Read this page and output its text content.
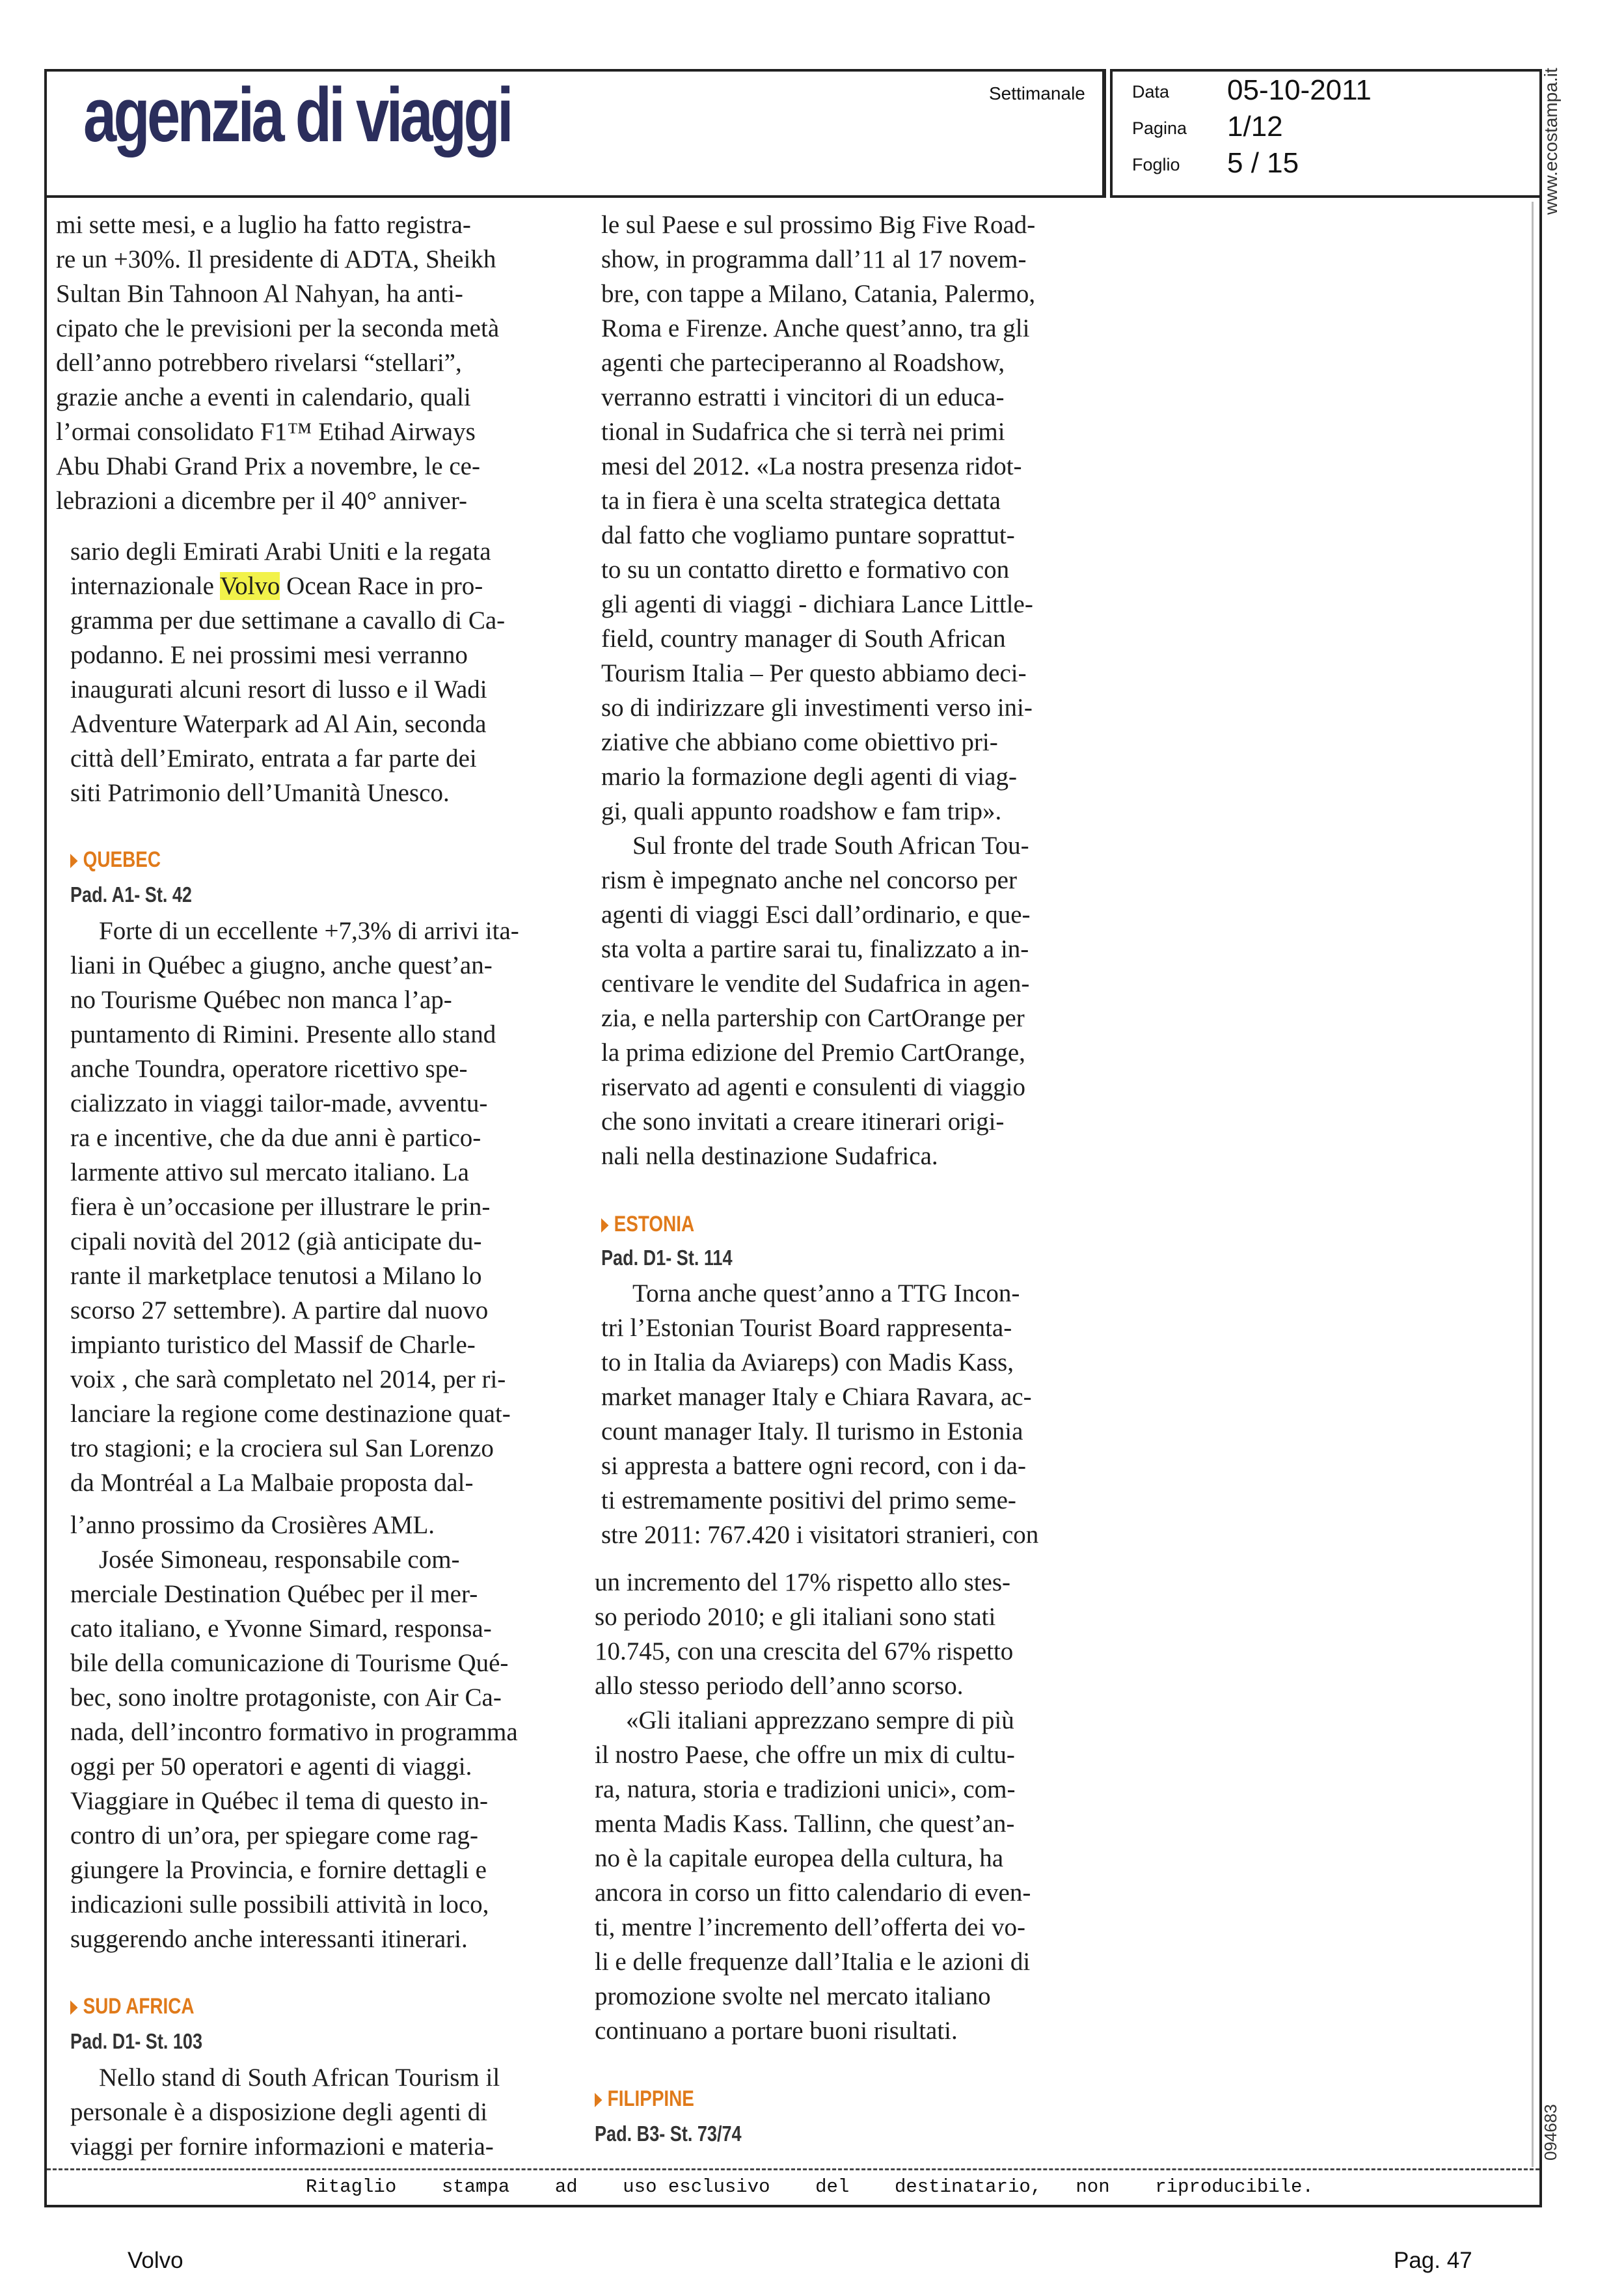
agenzia di viaggi	Settimanale	Data 05-10-2011
Pagina 1/12
Foglio 5 / 15	www.ecostampa.it
094683
mi sette mesi, e a luglio ha fatto registra-
re un +30%. Il presidente di ADTA, Sheikh
Sultan Bin Tahnoon Al Nahyan, ha anti-
cipato che le previsioni per la seconda metà
dell’anno potrebbero rivelarsi “stellari”,
grazie anche a eventi in calendario, quali
l’ormai consolidato F1™ Etihad Airways
Abu Dhabi Grand Prix a novembre, le ce-
lebrazioni a dicembre per il 40° anniver-
sario degli Emirati Arabi Uniti e la regata
internazionale Volvo Ocean Race in pro-
gramma per due settimane a cavallo di Ca-
podanno. E nei prossimi mesi verranno
inaugurati alcuni resort di lusso e il Wadi
Adventure Waterpark ad Al Ain, seconda
città dell’Emirato, entrata a far parte dei
siti Patrimonio dell’Umanità Unesco.
QUEBEC
Pad. A1- St. 42
Forte di un eccellente +7,3% di arrivi ita-
liani in Québec a giugno, anche quest’an-
no Tourisme Québec non manca l’ap-
puntamento di Rimini. Presente allo stand
anche Toundra, operatore ricettivo spe-
cializzato in viaggi tailor-made, avventu-
ra e incentive, che da due anni è partico-
larmente attivo sul mercato italiano. La
fiera è un’occasione per illustrare le prin-
cipali novità del 2012 (già anticipate du-
rante il marketplace tenutosi a Milano lo
scorso 27 settembre). A partire dal nuovo
impianto turistico del Massif de Charle-
voix , che sarà completato nel 2014, per ri-
lanciare la regione come destinazione quat-
tro stagioni; e la crociera sul San Lorenzo
da Montréal a La Malbaie proposta dal-
l’anno prossimo da Crosières AML.
Josée Simoneau, responsabile com-
merciale Destination Québec per il mer-
cato italiano, e Yvonne Simard, responsa-
bile della comunicazione di Tourisme Qué-
bec, sono inoltre protagoniste, con Air Ca-
nada, dell’incontro formativo in programma
oggi per 50 operatori e agenti di viaggi.
Viaggiare in Québec il tema di questo in-
contro di un’ora, per spiegare come rag-
giungere la Provincia, e fornire dettagli e
indicazioni sulle possibili attività in loco,
suggerendo anche interessanti itinerari.
SUD AFRICA
Pad. D1- St. 103
Nello stand di South African Tourism il
personale è a disposizione degli agenti di
viaggi per fornire informazioni e materia-
le sul Paese e sul prossimo Big Five Road-
show, in programma dall’11 al 17 novem-
bre, con tappe a Milano, Catania, Palermo,
Roma e Firenze. Anche quest’anno, tra gli
agenti che parteciperanno al Roadshow,
verranno estratti i vincitori di un educa-
tional in Sudafrica che si terrà nei primi
mesi del 2012. «La nostra presenza ridot-
ta in fiera è una scelta strategica dettata
dal fatto che vogliamo puntare soprattut-
to su un contatto diretto e formativo con
gli agenti di viaggi - dichiara Lance Little-
field, country manager di South African
Tourism Italia – Per questo abbiamo deci-
so di indirizzare gli investimenti verso ini-
ziative che abbiano come obiettivo pri-
mario la formazione degli agenti di viag-
gi, quali appunto roadshow e fam trip».
Sul fronte del trade South African Tou-
rism è impegnato anche nel concorso per
agenti di viaggi Esci dall’ordinario, e que-
sta volta a partire sarai tu, finalizzato a in-
centivare le vendite del Sudafrica in agen-
zia, e nella partership con CartOrange per
la prima edizione del Premio CartOrange,
riservato ad agenti e consulenti di viaggio
che sono invitati a creare itinerari origi-
nali nella destinazione Sudafrica.
ESTONIA
Pad. D1- St. 114
Torna anche quest’anno a TTG Incon-
tri l’Estonian Tourist Board rappresenta-
to in Italia da Aviareps) con Madis Kass,
market manager Italy e Chiara Ravara, ac-
count manager Italy. Il turismo in Estonia
si appresta a battere ogni record, con i da-
ti estremamente positivi del primo seme-
stre 2011: 767.420 i visitatori stranieri, con
un incremento del 17% rispetto allo stes-
so periodo 2010; e gli italiani sono stati
10.745, con una crescita del 67% rispetto
allo stesso periodo dell’anno scorso.
«Gli italiani apprezzano sempre di più
il nostro Paese, che offre un mix di cultu-
ra, natura, storia e tradizioni unici», com-
menta Madis Kass. Tallinn, che quest’an-
no è la capitale europea della cultura, ha
ancora in corso un fitto calendario di even-
ti, mentre l’incremento dell’offerta dei vo-
li e delle frequenze dall’Italia e le azioni di
promozione svolte nel mercato italiano
continuano a portare buoni risultati.
FILIPPINE
Pad. B3- St. 73/74
Ritaglio    stampa    ad    uso esclusivo    del    destinatario,   non    riproducibile.
Volvo	Pag. 47
